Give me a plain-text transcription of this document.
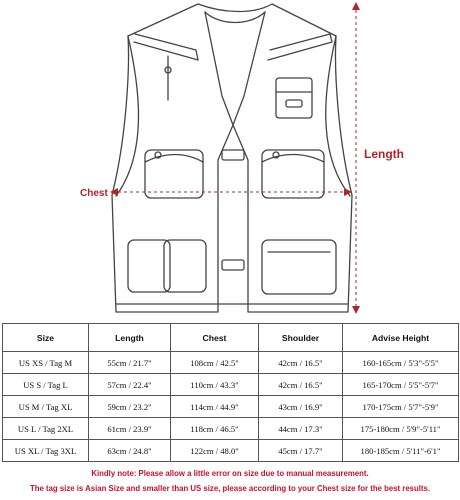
Length
Chest
Size	Length	Chest	Shoulder	Advise Height
US XS / Tag M	55cm / 21.7"	108cm / 42.5"	42cm / 16.5"	160-165cm / 5'3"-5'5"
US S / Tag L	57cm / 22.4"	110cm / 43.3"	42cm / 16.5"	165-170cm / 5'5"-5'7"
US M / Tag XL	59cm / 23.2"	114cm / 44.9"	43cm / 16.9"	170-175cm / 5'7"-5'9"
US L / Tag 2XL	61cm / 23.9"	118cm / 46.5"	44cm / 17.3"	175-180cm / 5'9"-5'11"
US XL / Tag 3XL	63cm / 24.8"	122cm / 48.0"	45cm / 17.7"	180-185cm / 5'11"-6'1"
Kindly note: Please allow a little error on size due to manual measurement.
The tag size is Asian Size and smaller than US size, please according to your Chest size for the best results.
